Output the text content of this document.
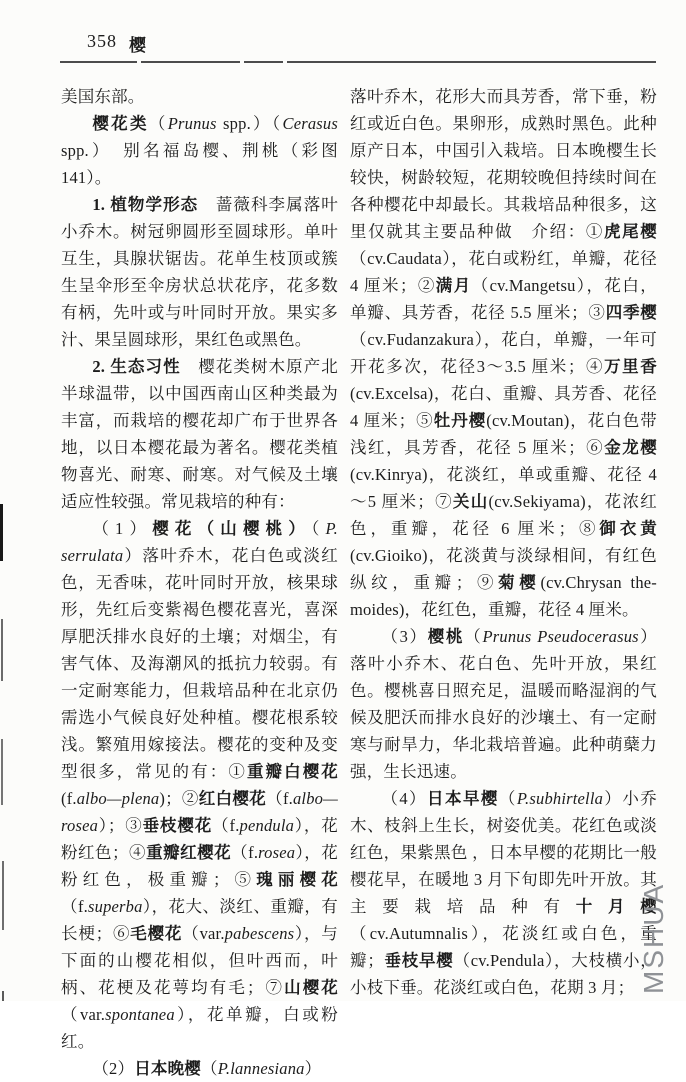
358 樱

美国东部。

樱花类（Prunus spp.）（Cerasus spp.）　别名福岛樱、荆桃（彩图141）。

1. 植物学形态　蔷薇科李属落叶小乔木。树冠卵圆形至圆球形。单叶互生，具腺状锯齿。花单生枝顶或簇生呈伞形至伞房状总状花序，花多数有柄，先叶或与叶同时开放。果实多汁、果呈圆球形，果红色或黑色。

2. 生态习性　樱花类树木原产北半球温带，以中国西南山区种类最为丰富，而栽培的樱花却广布于世界各地，以日本樱花最为著名。樱花类植物喜光、耐寒、耐寒。对气候及土壤适应性较强。常见栽培的种有：

（1）樱花（山樱桃）（P. serrulata）落叶乔木，花白色或淡红色，无香味，花叶同时开放，核果球形，先红后变紫褐色樱花喜光，喜深厚肥沃排水良好的土壤；对烟尘，有害气体、及海潮风的抵抗力较弱。有一定耐寒能力，但栽培品种在北京仍需选小气候良好处种植。樱花根系较浅。繁殖用嫁接法。樱花的变种及变型很多，常见的有：①重瓣白樱花(f.albo—plena)；②红白樱花（f.albo—rosea）；③垂枝樱花（f.pendula），花粉红色；④重瓣红樱花（f.rosea），花粉红色，极重瓣；⑤瑰丽樱花（f.superba），花大、淡红、重瓣，有长梗；⑥毛樱花（var.pabescens），与下面的山樱花相似，但叶西而，叶柄、花梗及花萼均有毛；⑦山樱花（var.spontanea），花单瓣，白或粉红。

（2）日本晚樱（P.lannesiana）

落叶乔木，花形大而具芳香，常下垂，粉红或近白色。果卵形，成熟时黑色。此种原产日本，中国引入栽培。日本晚樱生长较快，树龄较短，花期较晚但持续时间在各种樱花中却最长。其栽培品种很多，这里仅就其主要品种做　介绍：①虎尾樱（cv.Caudata），花白或粉红，单瓣，花径 4 厘米；②满月（cv.Mangetsu），花白，单瓣、具芳香，花径 5.5 厘米；③四季樱（cv.Fudanzakura），花白，单瓣，一年可开花多次，花径3～3.5 厘米；④万里香(cv.Excelsa)，花白、重瓣、具芳香、花径 4 厘米；⑤牡丹樱(cv.Moutan)，花白色带浅红，具芳香，花径 5 厘米；⑥金龙樱(cv.Kinrya)，花淡红，单或重瓣、花径 4～5 厘米；⑦关山(cv.Sekiyama)，花浓红色，重瓣，花径 6 厘米；⑧御衣黄(cv.Gioiko)，花淡黄与淡绿相间，有红色纵纹，重瓣；⑨菊樱(cv.Chrysan the-moides)，花红色，重瓣，花径 4 厘米。

（3）樱桃（Prunus Pseudocerasus）落叶小乔木、花白色、先叶开放，果红色。樱桃喜日照充足，温暖而略湿润的气候及肥沃而排水良好的沙壤土、有一定耐寒与耐旱力，华北栽培普遍。此种萌蘖力强，生长迅速。

（4）日本早樱（P.subhirtella）小乔木、枝斜上生长，树姿优美。花红色或淡红色，果紫黑色 ，日本早樱的花期比一般樱花早，在暖地 3 月下旬即先叶开放。其主要栽培品种有十月樱（cv.Autumnalis），花淡红或白色，重瓣；垂枝早樱（cv.Pendula），大枝横小，小枝下垂。花淡红或白色，花期 3 月； MSHUA
